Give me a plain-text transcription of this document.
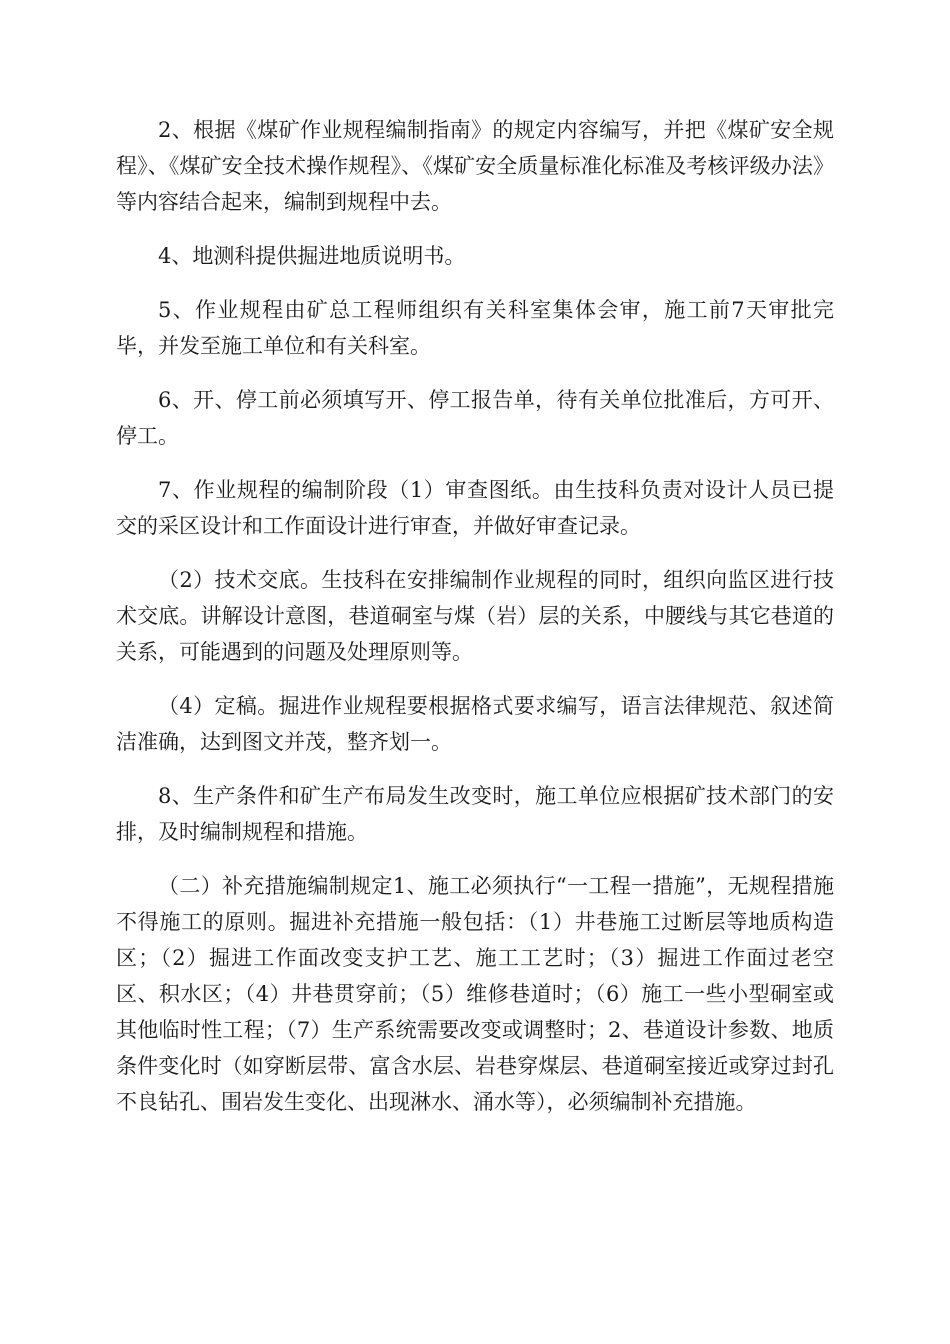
2、根据《煤矿作业规程编制指南》的规定内容编写，并把《煤矿安全规程》、《煤矿安全技术操作规程》、《煤矿安全质量标准化标准及考核评级办法》等内容结合起来，编制到规程中去。

4、地测科提供掘进地质说明书。

5、作业规程由矿总工程师组织有关科室集体会审，施工前7天审批完毕，并发至施工单位和有关科室。

6、开、停工前必须填写开、停工报告单，待有关单位批准后，方可开、停工。

7、作业规程的编制阶段（1）审查图纸。由生技科负责对设计人员已提交的采区设计和工作面设计进行审查，并做好审查记录。

（2）技术交底。生技科在安排编制作业规程的同时，组织向监区进行技术交底。讲解设计意图，巷道硐室与煤（岩）层的关系，中腰线与其它巷道的关系，可能遇到的问题及处理原则等。

（4）定稿。掘进作业规程要根据格式要求编写，语言法律规范、叙述简洁准确，达到图文并茂，整齐划一。

8、生产条件和矿生产布局发生改变时，施工单位应根据矿技术部门的安排，及时编制规程和措施。

（二）补充措施编制规定1、施工必须执行“一工程一措施”，无规程措施不得施工的原则。掘进补充措施一般包括：（1）井巷施工过断层等地质构造区；（2）掘进工作面改变支护工艺、施工工艺时；（3）掘进工作面过老空区、积水区；（4）井巷贯穿前；（5）维修巷道时；（6）施工一些小型硐室或其他临时性工程；（7）生产系统需要改变或调整时；2、巷道设计参数、地质条件变化时（如穿断层带、富含水层、岩巷穿煤层、巷道硐室接近或穿过封孔不良钻孔、围岩发生变化、出现淋水、涌水等），必须编制补充措施。
